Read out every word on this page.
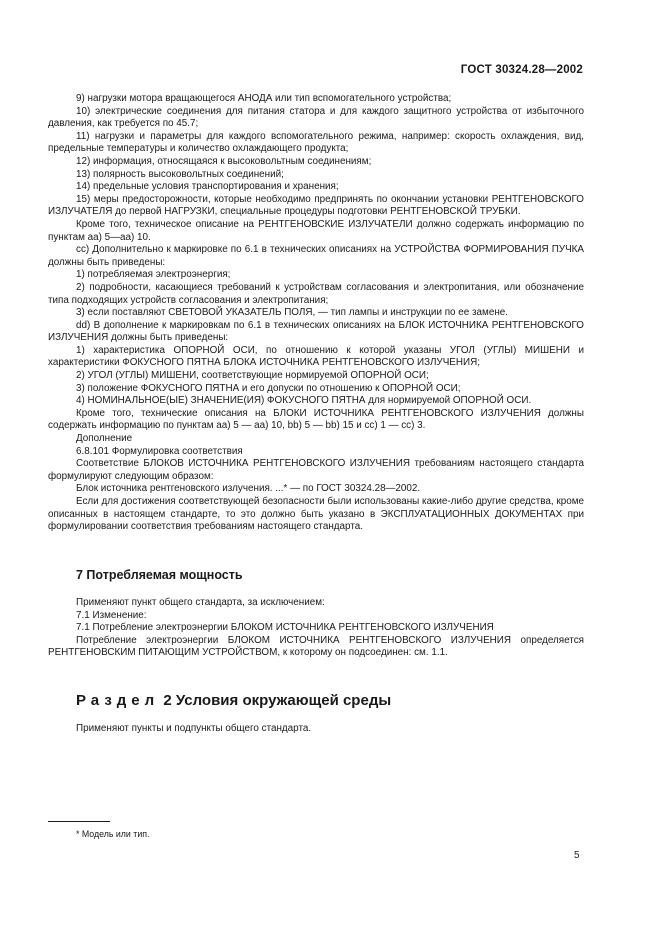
ГОСТ 30324.28—2002

9) нагрузки мотора вращающегося АНОДА или тип вспомогательного устройства;

10) электрические соединения для питания статора и для каждого защитного устройства от избыточного давления, как требуется по 45.7;

11) нагрузки и параметры для каждого вспомогательного режима, например: скорость охлаждения, вид, предельные температуры и количество охлаждающего продукта;

12) информация, относящаяся к высоковольтным соединениям;

13) полярность высоковольтных соединений;

14) предельные условия транспортирования и хранения;

15) меры предосторожности, которые необходимо предпринять по окончании установки РЕНТГЕНОВСКОГО ИЗЛУЧАТЕЛЯ до первой НАГРУЗКИ, специальные процедуры подготовки РЕНТГЕНОВСКОЙ ТРУБКИ.

Кроме того, техническое описание на РЕНТГЕНОВСКИЕ ИЗЛУЧАТЕЛИ должно содержать информацию по пунктам аа) 5—аа) 10.

cc) Дополнительно к маркировке по 6.1 в технических описаниях на УСТРОЙСТВА ФОРМИРОВАНИЯ ПУЧКА должны быть приведены:

1) потребляемая электроэнергия;

2) подробности, касающиеся требований к устройствам согласования и электропитания, или обозначение типа подходящих устройств согласования и электропитания;

3) если поставляют СВЕТОВОЙ УКАЗАТЕЛЬ ПОЛЯ, — тип лампы и инструкции по ее замене.

dd) В дополнение к маркировкам по 6.1 в технических описаниях на БЛОК ИСТОЧНИКА РЕНТГЕНОВСКОГО ИЗЛУЧЕНИЯ должны быть приведены:

1) характеристика ОПОРНОЙ ОСИ, по отношению к которой указаны УГОЛ (УГЛЫ) МИШЕНИ и характеристики ФОКУСНОГО ПЯТНА БЛОКА ИСТОЧНИКА РЕНТГЕНОВСКОГО ИЗЛУЧЕНИЯ;

2) УГОЛ (УГЛЫ) МИШЕНИ, соответствующие нормируемой ОПОРНОЙ ОСИ;

3) положение ФОКУСНОГО ПЯТНА и его допуски по отношению к ОПОРНОЙ ОСИ;

4) НОМИНАЛЬНОЕ(ЫЕ) ЗНАЧЕНИЕ(ИЯ) ФОКУСНОГО ПЯТНА для нормируемой ОПОРНОЙ ОСИ.

Кроме того, технические описания на БЛОКИ ИСТОЧНИКА РЕНТГЕНОВСКОГО ИЗЛУЧЕНИЯ должны содержать информацию по пунктам аа) 5 — аа) 10, bb) 5 — bb) 15 и cc) 1 — cc) 3.

Дополнение

6.8.101 Формулировка соответствия

Соответствие БЛОКОВ ИСТОЧНИКА РЕНТГЕНОВСКОГО ИЗЛУЧЕНИЯ требованиям настоящего стандарта формулируют следующим образом:

Блок источника рентгеновского излучения. ...* — по ГОСТ 30324.28—2002.

Если для достижения соответствующей безопасности были использованы какие-либо другие средства, кроме описанных в настоящем стандарте, то это должно быть указано в ЭКСПЛУАТАЦИОННЫХ ДОКУМЕНТАХ при формулировании соответствия требованиям настоящего стандарта.

7 Потребляемая мощность

Применяют пункт общего стандарта, за исключением:

7.1 Изменение:

7.1 Потребление электроэнергии БЛОКОМ ИСТОЧНИКА РЕНТГЕНОВСКОГО ИЗЛУЧЕНИЯ

Потребление электроэнергии БЛОКОМ ИСТОЧНИКА РЕНТГЕНОВСКОГО ИЗЛУЧЕНИЯ определяется РЕНТГЕНОВСКИМ ПИТАЮЩИМ УСТРОЙСТВОМ, к которому он подсоединен: см. 1.1.

Раздел 2 Условия окружающей среды
Применяют пункты и подпункты общего стандарта.
* Модель или тип.
5
